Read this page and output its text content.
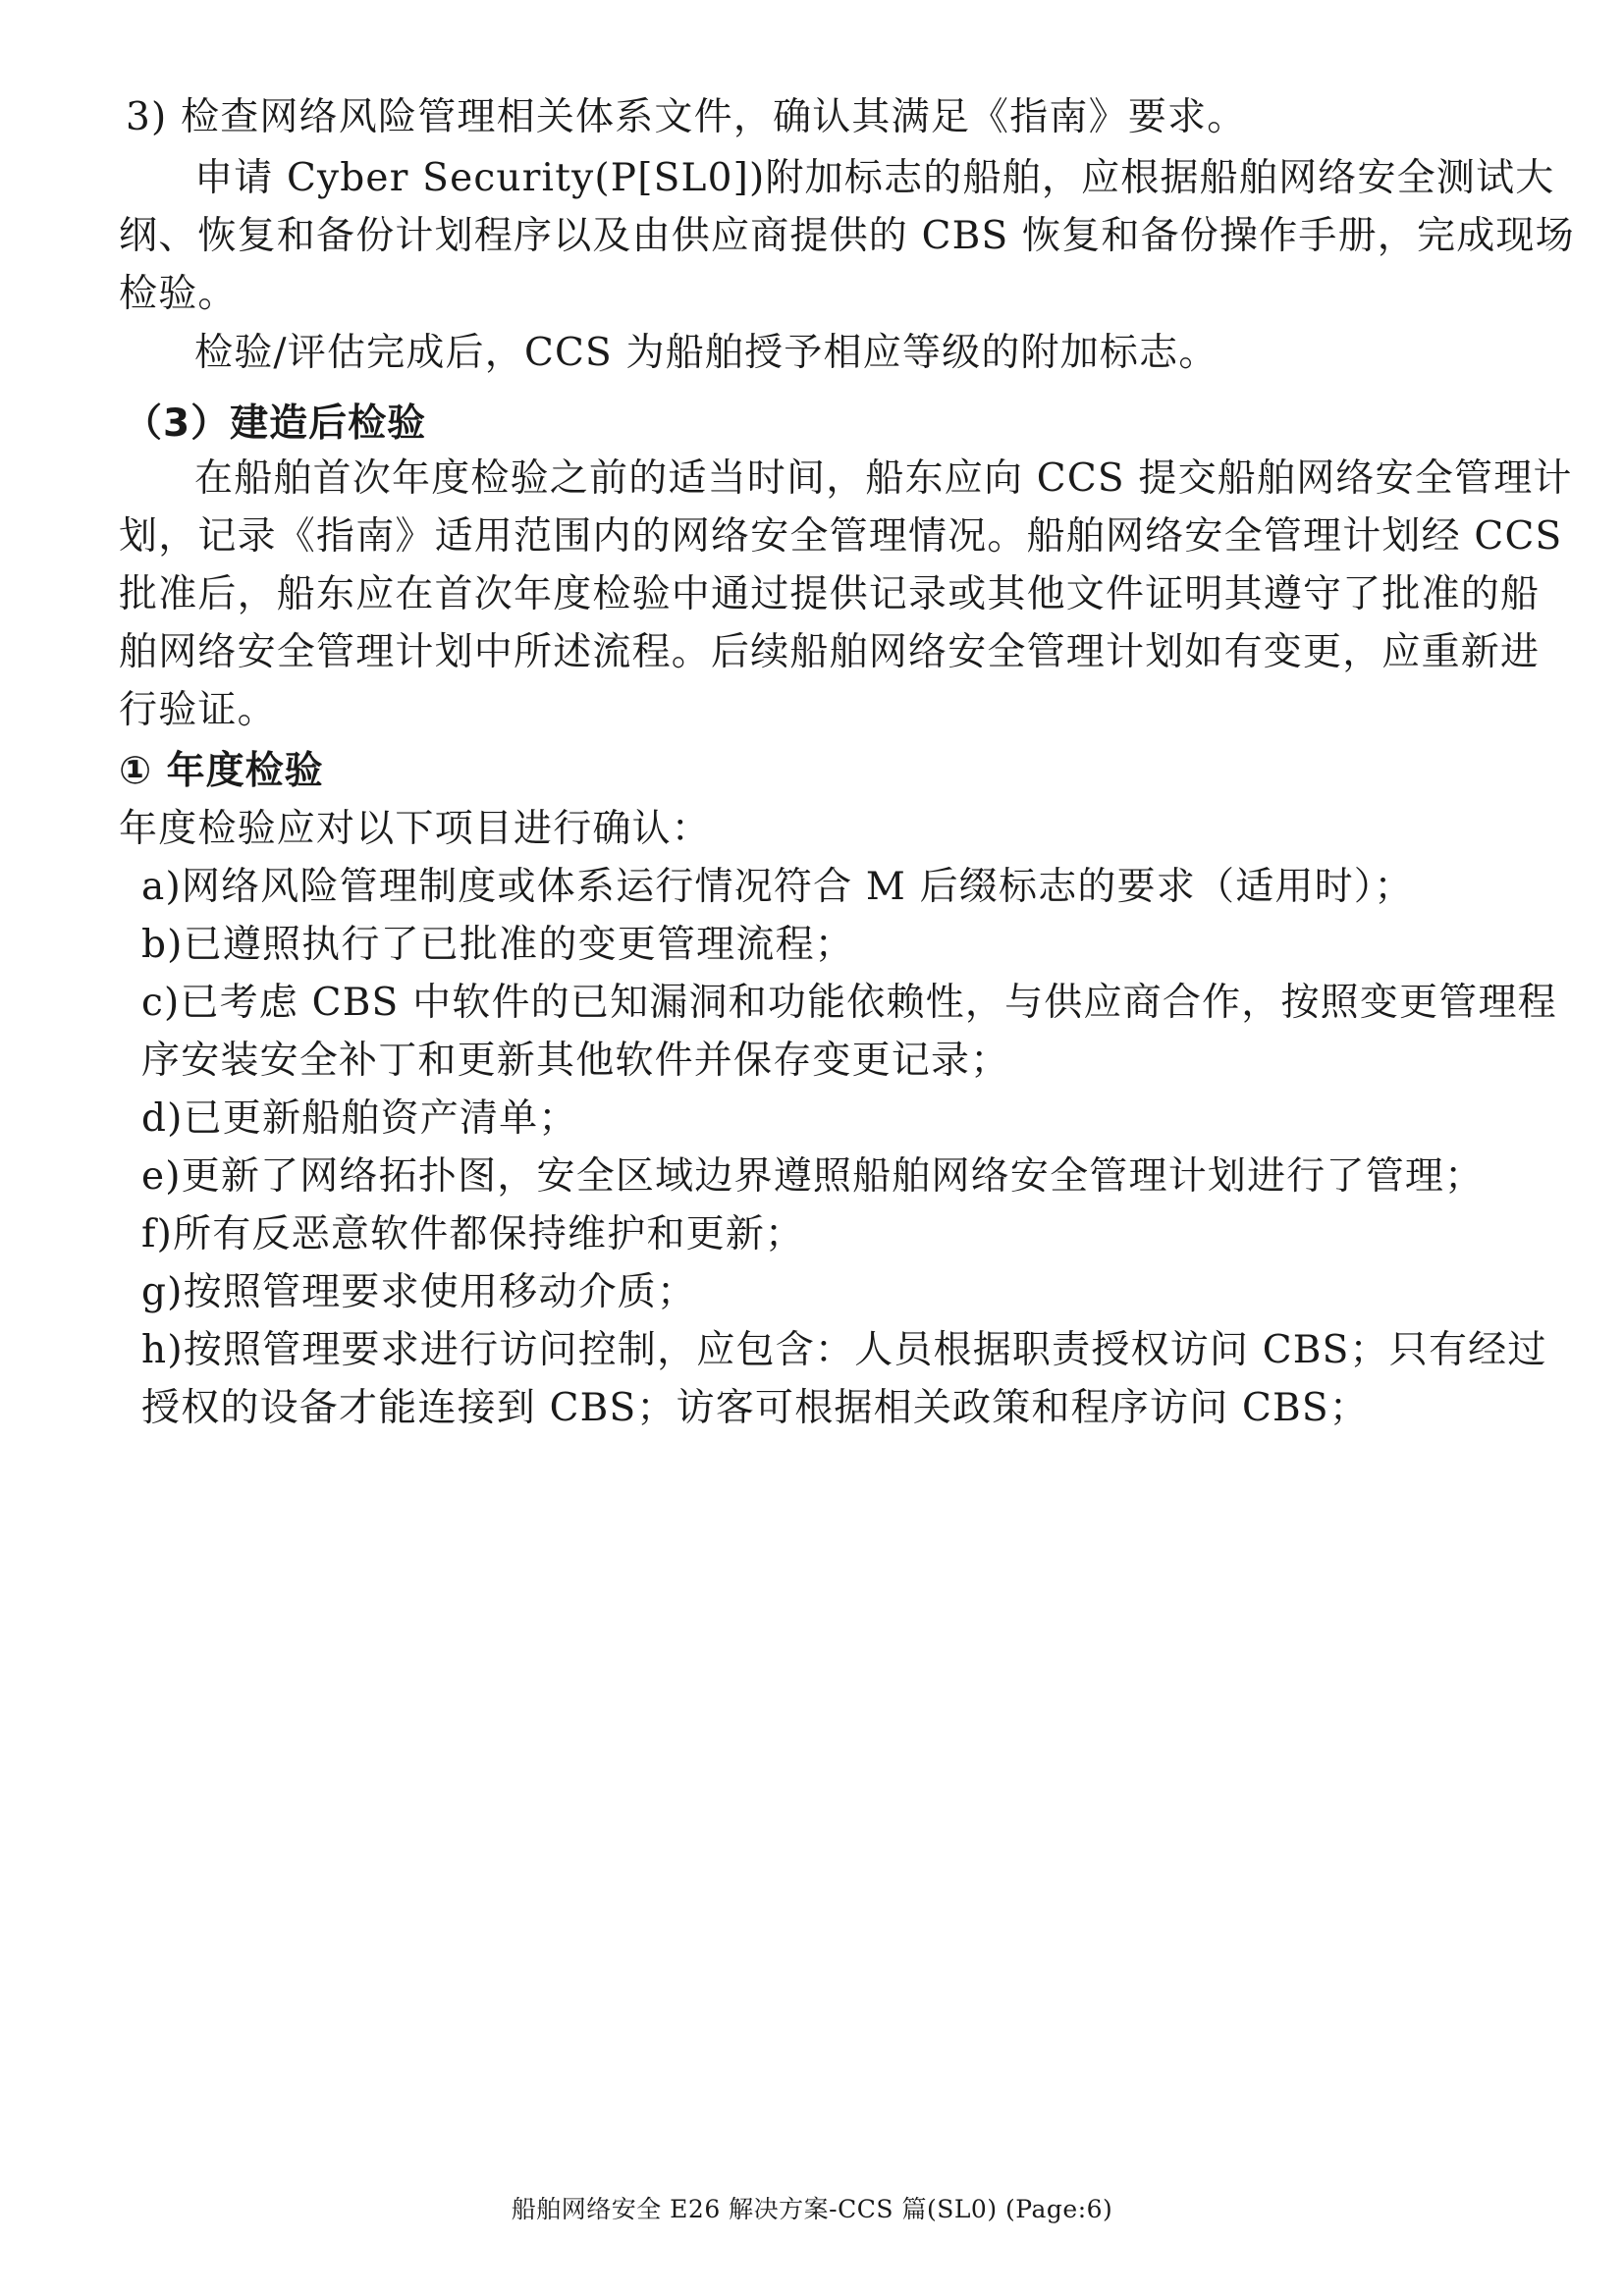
3) 检查网络风险管理相关体系文件，确认其满足《指南》要求。
申请 Cyber Security(P[SL0])附加标志的船舶，应根据船舶网络安全测试大
纲、恢复和备份计划程序以及由供应商提供的 CBS 恢复和备份操作手册，完成现场
检验。
检验/评估完成后，CCS 为船舶授予相应等级的附加标志。
（3）建造后检验
在船舶首次年度检验之前的适当时间，船东应向 CCS 提交船舶网络安全管理计
划，记录《指南》适用范围内的网络安全管理情况。船舶网络安全管理计划经 CCS
批准后，船东应在首次年度检验中通过提供记录或其他文件证明其遵守了批准的船
舶网络安全管理计划中所述流程。后续船舶网络安全管理计划如有变更，应重新进
行验证。
① 年度检验
年度检验应对以下项目进行确认：
a)网络风险管理制度或体系运行情况符合 M 后缀标志的要求（适用时）；
b)已遵照执行了已批准的变更管理流程；
c)已考虑 CBS 中软件的已知漏洞和功能依赖性，与供应商合作，按照变更管理程
序安装安全补丁和更新其他软件并保存变更记录；
d)已更新船舶资产清单；
e)更新了网络拓扑图，安全区域边界遵照船舶网络安全管理计划进行了管理；
f)所有反恶意软件都保持维护和更新；
g)按照管理要求使用移动介质；
h)按照管理要求进行访问控制，应包含：人员根据职责授权访问 CBS；只有经过
授权的设备才能连接到 CBS；访客可根据相关政策和程序访问 CBS；
船舶网络安全 E26 解决方案-CCS 篇(SL0) (Page:6)
